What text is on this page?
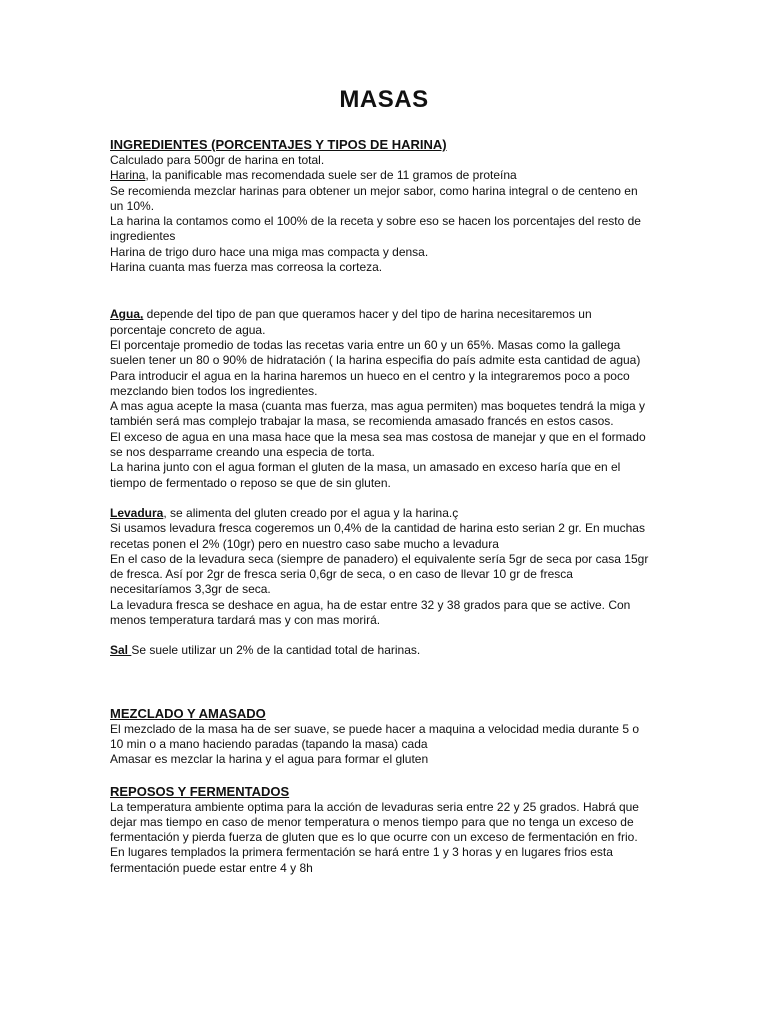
MASAS

INGREDIENTES (PORCENTAJES Y TIPOS DE HARINA)

Calculado para 500gr de harina en total.

Harina, la panificable mas recomendada suele ser de 11 gramos de proteína

Se recomienda mezclar harinas para obtener un mejor sabor, como harina integral o de centeno en

un 10%.

La harina la contamos como el 100% de la receta y sobre eso se hacen los porcentajes del resto de

ingredientes

Harina de trigo duro hace una miga mas compacta y densa.

Harina cuanta mas fuerza mas correosa la corteza.

Agua, depende del tipo de pan que queramos hacer y del tipo de harina necesitaremos un

porcentaje concreto de agua.

El porcentaje promedio de todas las recetas varia entre un 60 y un 65%. Masas como la gallega

suelen tener un 80 o 90% de hidratación ( la harina especifia do país admite esta cantidad de agua)

Para introducir el agua en la harina haremos un hueco en el centro y la integraremos poco a poco

mezclando bien todos los ingredientes.

A mas agua acepte la masa (cuanta mas fuerza, mas agua permiten) mas boquetes tendrá la miga y

también será mas complejo trabajar la masa, se recomienda amasado francés en estos casos.

El exceso de agua en una masa hace que la mesa sea mas costosa de manejar y que en el formado

se nos desparrame creando una especia de torta.

La harina junto con el agua forman el gluten de la masa, un amasado en exceso haría que en el

tiempo de fermentado o reposo se que de sin gluten.

Levadura, se alimenta del gluten creado por el agua y la harina.ç

Si usamos levadura fresca cogeremos un 0,4% de la cantidad de harina esto serian 2 gr. En muchas

recetas ponen el 2% (10gr) pero en nuestro caso sabe mucho a levadura

En el caso de la levadura seca (siempre de panadero) el equivalente sería 5gr de seca por casa 15gr

de fresca. Así por 2gr de fresca seria 0,6gr de seca, o en caso de llevar 10 gr de fresca

necesitaríamos 3,3gr de seca.

La levadura fresca se deshace en agua, ha de estar entre 32 y 38 grados para que se active. Con

menos temperatura tardará mas y con mas morirá.

Sal Se suele utilizar un 2% de la cantidad total de harinas.

MEZCLADO Y AMASADO

El mezclado de la masa ha de ser suave, se puede hacer a maquina a velocidad media durante 5 o

10 min o a mano haciendo paradas (tapando la masa) cada

Amasar es mezclar la harina y el agua para formar el gluten

REPOSOS Y FERMENTADOS

La temperatura ambiente optima para la acción de levaduras seria entre 22 y 25 grados. Habrá que

dejar mas tiempo en caso de menor temperatura o menos tiempo para que no tenga un exceso de

fermentación y pierda fuerza de gluten que es lo que ocurre con un exceso de fermentación en frio.

En lugares templados la primera fermentación se hará entre 1 y 3 horas y en lugares frios esta

fermentación puede estar entre 4 y 8h
